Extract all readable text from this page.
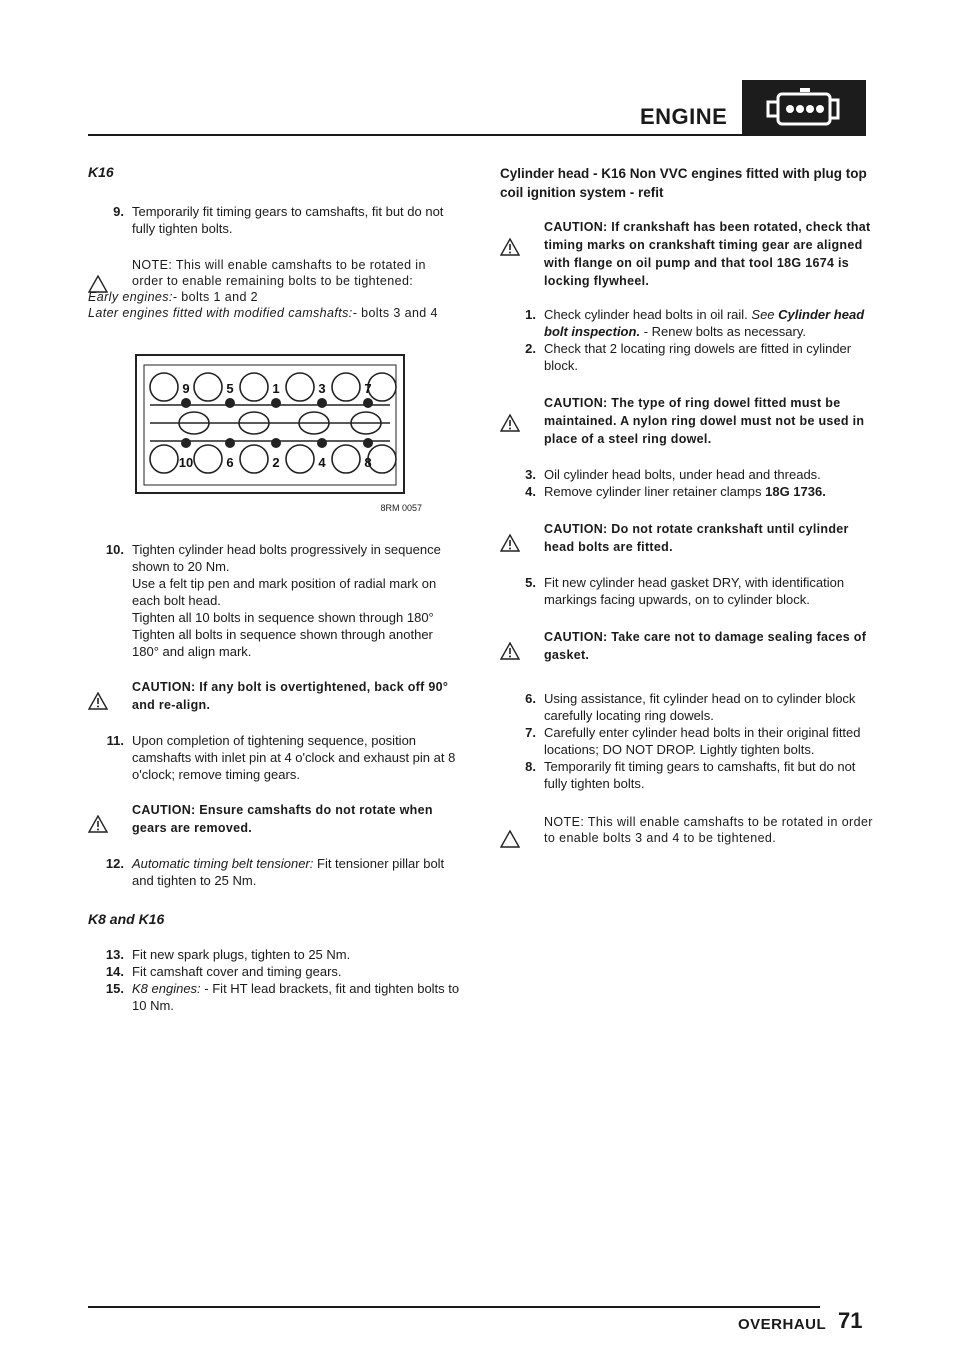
ENGINE
K16
9. Temporarily fit timing gears to camshafts, fit but do not fully tighten bolts.

NOTE: This will enable camshafts to be rotated in order to enable remaining bolts to be tightened:
Early engines:- bolts 1 and 2
Later engines fitted with modified camshafts:- bolts 3 and 4
9	5	1	3	7
10	6	2	4	8
8RM 0057
10. Tighten cylinder head bolts progressively in sequence shown to 20 Nm.

Use a felt tip pen and mark position of radial mark on each bolt head.

Tighten all 10 bolts in sequence shown through 180°

Tighten all bolts in sequence shown through another 180° and align mark.

CAUTION: If any bolt is overtightened, back off 90° and re-align.
11. Upon completion of tightening sequence, position camshafts with inlet pin at 4 o'clock and exhaust pin at 8 o'clock; remove timing gears.

CAUTION: Ensure camshafts do not rotate when gears are removed.
12. Automatic timing belt tensioner: Fit tensioner pillar bolt and tighten to 25 Nm.

K8 and K16
13. Fit new spark plugs, tighten to 25 Nm.

14. Fit camshaft cover and timing gears.

15. K8 engines: - Fit HT lead brackets, fit and tighten bolts to 10 Nm.

Cylinder head - K16 Non VVC engines fitted with plug top coil ignition system - refit
CAUTION: If crankshaft has been rotated, check that timing marks on crankshaft timing gear are aligned with flange on oil pump and that tool 18G 1674 is locking flywheel.
1. Check cylinder head bolts in oil rail. See Cylinder head bolt inspection. - Renew bolts as necessary.

2. Check that 2 locating ring dowels are fitted in cylinder block.

CAUTION: The type of ring dowel fitted must be maintained. A nylon ring dowel must not be used in place of a steel ring dowel.
3. Oil cylinder head bolts, under head and threads.

4. Remove cylinder liner retainer clamps 18G 1736.

CAUTION: Do not rotate crankshaft until cylinder head bolts are fitted.
5. Fit new cylinder head gasket DRY, with identification markings facing upwards, on to cylinder block.

CAUTION: Take care not to damage sealing faces of gasket.
6. Using assistance, fit cylinder head on to cylinder block carefully locating ring dowels.

7. Carefully enter cylinder head bolts in their original fitted locations; DO NOT DROP. Lightly tighten bolts.

8. Temporarily fit timing gears to camshafts, fit but do not fully tighten bolts.

NOTE: This will enable camshafts to be rotated in order to enable bolts 3 and 4 to be tightened.
OVERHAUL 71
